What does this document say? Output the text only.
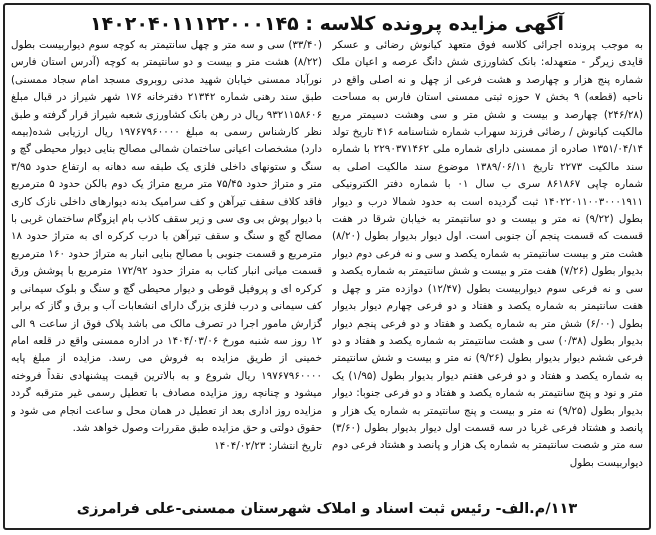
آگهی مزایده پرونده کلاسه : ۱۴۰۲۰۴۰۱۱۱۲۲۰۰۰۱۴۵

به موجب پرونده اجرائی کلاسه فوق متعهد کیانوش رضائی و عسکر قایدی زیرگر - متعهدله: بانک کشاورزی شش دانگ عرصه و اعیان ملک شماره پنج هزار و چهارصد و هشت فرعی از چهل و نه اصلی واقع در ناحیه (قطعه) ۹ بخش ۷ حوزه ثبتی ممسنی استان فارس به مساحت (۲۴۶/۲۸) چهارصد و بیست و شش متر و سی وهشت دسیمتر مربع مالکیت کیانوش / رضائی فرزند سهراب شماره شناسنامه ۴۱۶ تاریخ تولد ۱۳۵۱/۰۴/۱۴ صادره از ممسنی دارای شماره ملی ۲۲۹۰۳۷۱۴۶۲ با شماره سند مالکیت ۲۲۷۳ تاریخ ۱۳۸۹/۰۶/۱۱ موضوع سند مالکیت اصلی به شماره چاپی ۸۶۱۸۶۷ سری ب سال ۰۱ با شماره دفتر الکترونیکی ۱۴۰۲۲۰۱۱۰۰۳۰۰۰۱۹۱۱ ثبت گردیده است به حدود شمالا درب و دیوار بطول (۹/۲۲) نه متر و بیست و دو سانتیمتر به خیابان شرقا در هفت قسمت که قسمت پنجم آن جنوبی است. اول دیوار بدیوار بطول (۸/۲۰) هشت متر و بیست سانتیمتر به شماره یکصد و سی و نه فرعی دوم دیوار بدیوار بطول (۷/۲۶) هفت متر و بیست و شش سانتیمتر به شماره یکصد و سی و نه فرعی سوم دیواربیست بطول (۱۲/۴۷) دوازده متر و چهل و هفت سانتیمتر به شماره یکصد و هفتاد و دو فرعی چهارم دیوار بدیوار بطول (۶/۰۰) شش متر به شماره یکصد و هفتاد و دو فرعی پنجم دیوار بدیوار بطول (۰/۳۸) سی و هشت سانتیمتر به شماره یکصد و هفتاد و دو فرعی ششم دیوار بدیوار بطول (۹/۲۶) نه متر و بیست و شش سانتیمتر به شماره یکصد و هفتاد و دو فرعی هفتم دیوار بدیوار بطول (۱/۹۵) یک متر و نود و پنج سانتیمتر به شماره یکصد و هفتاد و دو فرعی جنوبا: دیوار بدیوار بطول (۹/۲۵) نه متر و بیست و پنج سانتیمتر به شماره یک هزار و پانصد و هشتاد فرعی غربا در سه قسمت اول دیوار بدیوار بطول (۳/۶۰) سه متر و شصت سانتیمتر به شماره یک هزار و پانصد و هشتاد فرعی دوم دیواربیست بطول

(۳۳/۴۰) سی و سه متر و چهل سانتیمتر به کوچه سوم دیواربیست بطول (۸/۲۲) هشت متر و بیست و دو سانتیمتر به کوچه (آدرس استان فارس نورآباد ممسنی خیابان شهید مدنی روبروی مسجد امام سجاد ممسنی) طبق سند رهنی شماره ۲۱۳۴۲ دفترخانه ۱۷۶ شهر شیراز در قبال مبلغ ۹۳۲۱۱۵۸۶۰۶ ریال در رهن بانک کشاورزی شعبه شیراز قرار گرفته و طبق نظر کارشناس رسمی به مبلغ ۱۹۷۶۷۹۶۰۰۰۰ ریال ارزیابی شده(بیمه دارد) مشخصات اعیانی ساختمان شمالی مصالح بنایی دیوار محیطی گچ و سنگ و ستونهای داخلی فلزی یک طبقه سه دهانه به ارتفاع حدود ۳/۹۵ متر و متراژ حدود ۷۵/۴۵ متر مربع متراژ یک دوم بالکن حدود ۵ مترمربع فاقد کلاف سقف تیرآهن و کف سرامیک بدنه دیوارهای داخلی نازک کاری با دیوار پوش بی وی سی و زیر سقف کاذب بام ایزوگام ساختمان غربی با مصالح گچ و سنگ و سقف تیرآهن با درب کرکره ای به متراژ حدود ۱۸ مترمربع و قسمت جنوبی با مصالح بنایی انبار به متراژ حدود ۱۶۰ مترمربع قسمت میانی انبار کتاب به متراژ حدود ۱۷۲/۹۲ مترمربع با پوشش ورق کرکره ای و پروفیل قوطی و دیوار محیطی گچ و سنگ و بلوک سیمانی و کف سیمانی و درب فلزی بزرگ دارای انشعابات آب و برق و گاز که برابر گزارش مامور اجرا در تصرف مالک می باشد پلاک فوق از ساعت ۹ الی ۱۲ روز سه شنبه مورخ ۱۴۰۴/۰۳/۰۶ در اداره ممسنی واقع در قلعه امام خمینی از طریق مزایده به فروش می رسد. مزایده از مبلغ پایه ۱۹۷۶۷۹۶۰۰۰۰ ریال شروع و به بالاترین قیمت پیشنهادی نقداً فروخته میشود و چنانچه روز مزایده مصادف با تعطیل رسمی غیر مترقبه گردد مزایده روز اداری بعد از تعطیل در همان محل و ساعت انجام می شود و حقوق دولتی و حق مزایده طبق مقررات وصول خواهد شد.

تاریخ انتشار: ۱۴۰۴/۰۲/۲۳
۱۱۳/م.الف- رئیس ثبت اسناد و املاک شهرستان ممسنی-علی فرامرزی
